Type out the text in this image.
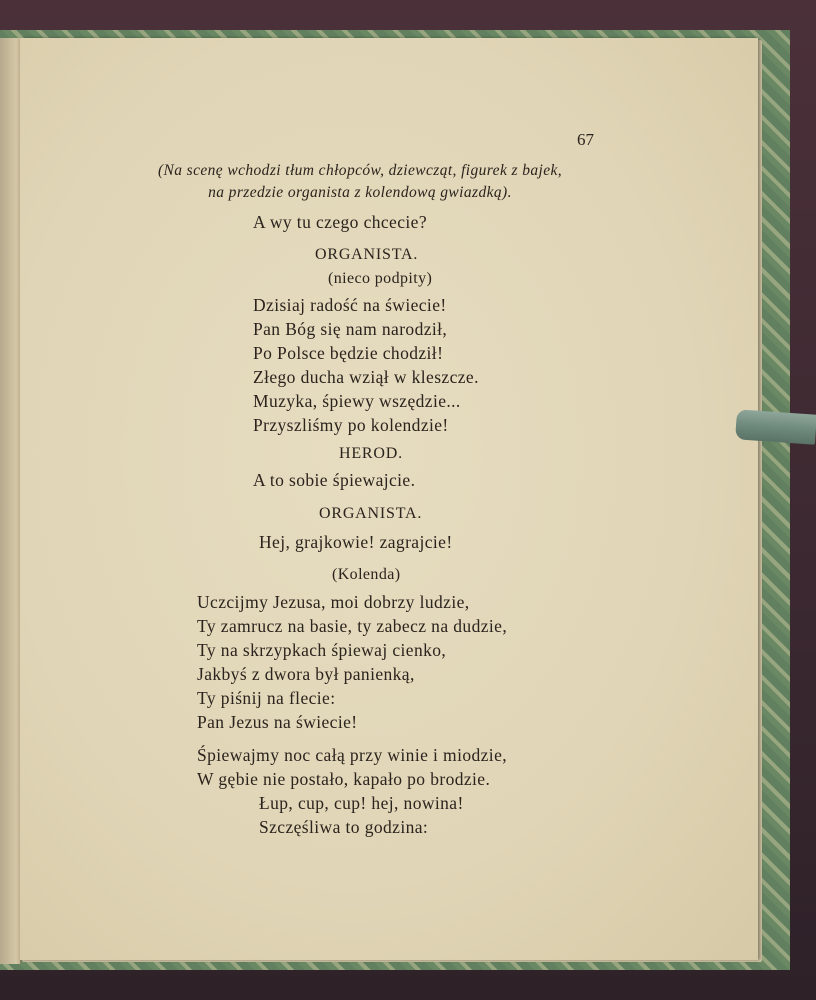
67
(Na scenę wchodzi tłum chłopców, dziewcząt, figurek z bajek,
na przedzie organista z kolendową gwiazdką).
A wy tu czego chcecie?
ORGANISTA.
(nieco podpity)
Dzisiaj radość na świecie!
Pan Bóg się nam narodził,
Po Polsce będzie chodził!
Złego ducha wziął w kleszcze.
Muzyka, śpiewy wszędzie...
Przyszliśmy po kolendzie!
HEROD.
A to sobie śpiewajcie.
ORGANISTA.
Hej, grajkowie! zagrajcie!
(Kolenda)
Uczcijmy Jezusa, moi dobrzy ludzie,
Ty zamrucz na basie, ty zabecz na dudzie,
Ty na skrzypkach śpiewaj cienko,
Jakbyś z dwora był panienką,
Ty piśnij na flecie:
Pan Jezus na świecie!
Śpiewajmy noc całą przy winie i miodzie,
W gębie nie postało, kapało po brodzie.
Łup, cup, cup! hej, nowina!
Szczęśliwa to godzina:
